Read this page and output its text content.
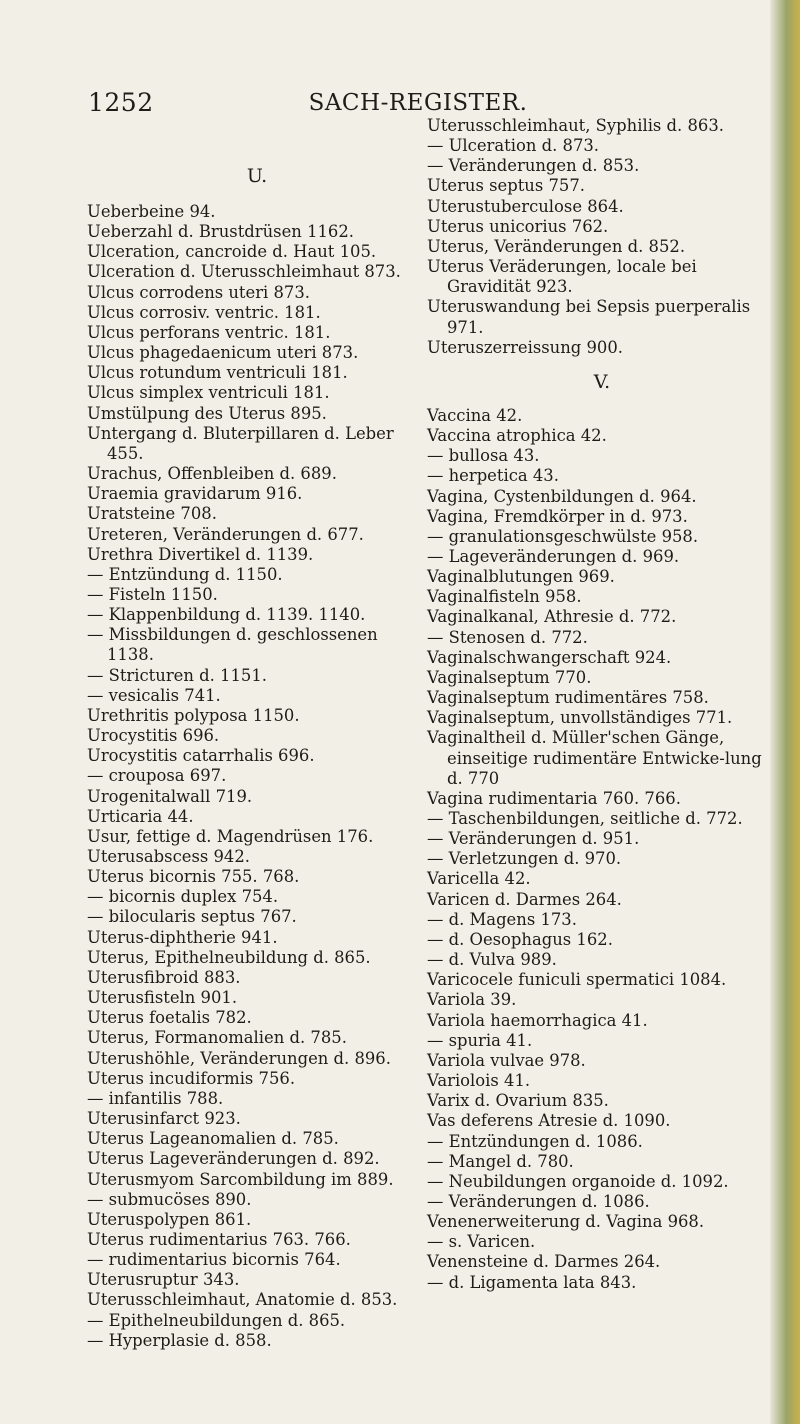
1252	SACH-REGISTER.
U.

Ueberbeine 94.

Ueberzahl d. Brustdrüsen 1162.

Ulceration, cancroide d. Haut 105.

Ulceration d. Uterusschleimhaut 873.

Ulcus corrodens uteri 873.

Ulcus corrosiv. ventric. 181.

Ulcus perforans ventric. 181.

Ulcus phagedaenicum uteri 873.

Ulcus rotundum ventriculi 181.

Ulcus simplex ventriculi 181.

Umstülpung des Uterus 895.

Untergang d. Bluterpillaren d. Leber 455.

Urachus, Offenbleiben d. 689.

Uraemia gravidarum 916.

Uratsteine 708.

Ureteren, Veränderungen d. 677.

Urethra Divertikel d. 1139.

— Entzündung d. 1150.

— Fisteln 1150.

— Klappenbildung d. 1139. 1140.

— Missbildungen d. geschlossenen 1138.

— Stricturen d. 1151.

— vesicalis 741.

Urethritis polyposa 1150.

Urocystitis 696.

Urocystitis catarrhalis 696.

— crouposa 697.

Urogenitalwall 719.

Urticaria 44.

Usur, fettige d. Magendrüsen 176.

Uterusabscess 942.

Uterus bicornis 755. 768.

— bicornis duplex 754.

— bilocularis septus 767.

Uterus-diphtherie 941.

Uterus, Epithelneubildung d. 865.

Uterusfibroid 883.

Uterusfisteln 901.

Uterus foetalis 782.

Uterus, Formanomalien d. 785.

Uterushöhle, Veränderungen d. 896.

Uterus incudiformis 756.

— infantilis 788.

Uterusinfarct 923.

Uterus Lageanomalien d. 785.

Uterus Lageveränderungen d. 892.

Uterusmyom Sarcombildung im 889.

— submucöses 890.

Uteruspolypen 861.

Uterus rudimentarius 763. 766.

— rudimentarius bicornis 764.

Uterusruptur 343.

Uterusschleimhaut, Anatomie d. 853.

— Epithelneubildungen d. 865.

— Hyperplasie d. 858.

Uterusschleimhaut, Syphilis d. 863.

— Ulceration d. 873.

— Veränderungen d. 853.

Uterus septus 757.

Uterustuberculose 864.

Uterus unicorius 762.

Uterus, Veränderungen d. 852.

Uterus Veräderungen, locale bei Gravidität 923.

Uteruswandung bei Sepsis puerperalis 971.

Uteruszerreissung 900.

V.

Vaccina 42.

Vaccina atrophica 42.

— bullosa 43.

— herpetica 43.

Vagina, Cystenbildungen d. 964.

Vagina, Fremdkörper in d. 973.

— granulationsgeschwülste 958.

— Lageveränderungen d. 969.

Vaginalblutungen 969.

Vaginalfisteln 958.

Vaginalkanal, Athresie d. 772.

— Stenosen d. 772.

Vaginalschwangerschaft 924.

Vaginalseptum 770.

Vaginalseptum rudimentäres 758.

Vaginalseptum, unvollständiges 771.

Vaginaltheil d. Müller'schen Gänge, einseitige rudimentäre Entwicke-lung d. 770

Vagina rudimentaria 760. 766.

— Taschenbildungen, seitliche d. 772.

— Veränderungen d. 951.

— Verletzungen d. 970.

Varicella 42.

Varicen d. Darmes 264.

— d. Magens 173.

— d. Oesophagus 162.

— d. Vulva 989.

Varicocele funiculi spermatici 1084.

Variola 39.

Variola haemorrhagica 41.

— spuria 41.

Variola vulvae 978.

Variolois 41.

Varix d. Ovarium 835.

Vas deferens Atresie d. 1090.

— Entzündungen d. 1086.

— Mangel d. 780.

— Neubildungen organoide d. 1092.

— Veränderungen d. 1086.

Venenerweiterung d. Vagina 968.

— s. Varicen.

Venensteine d. Darmes 264.

— d. Ligamenta lata 843.
